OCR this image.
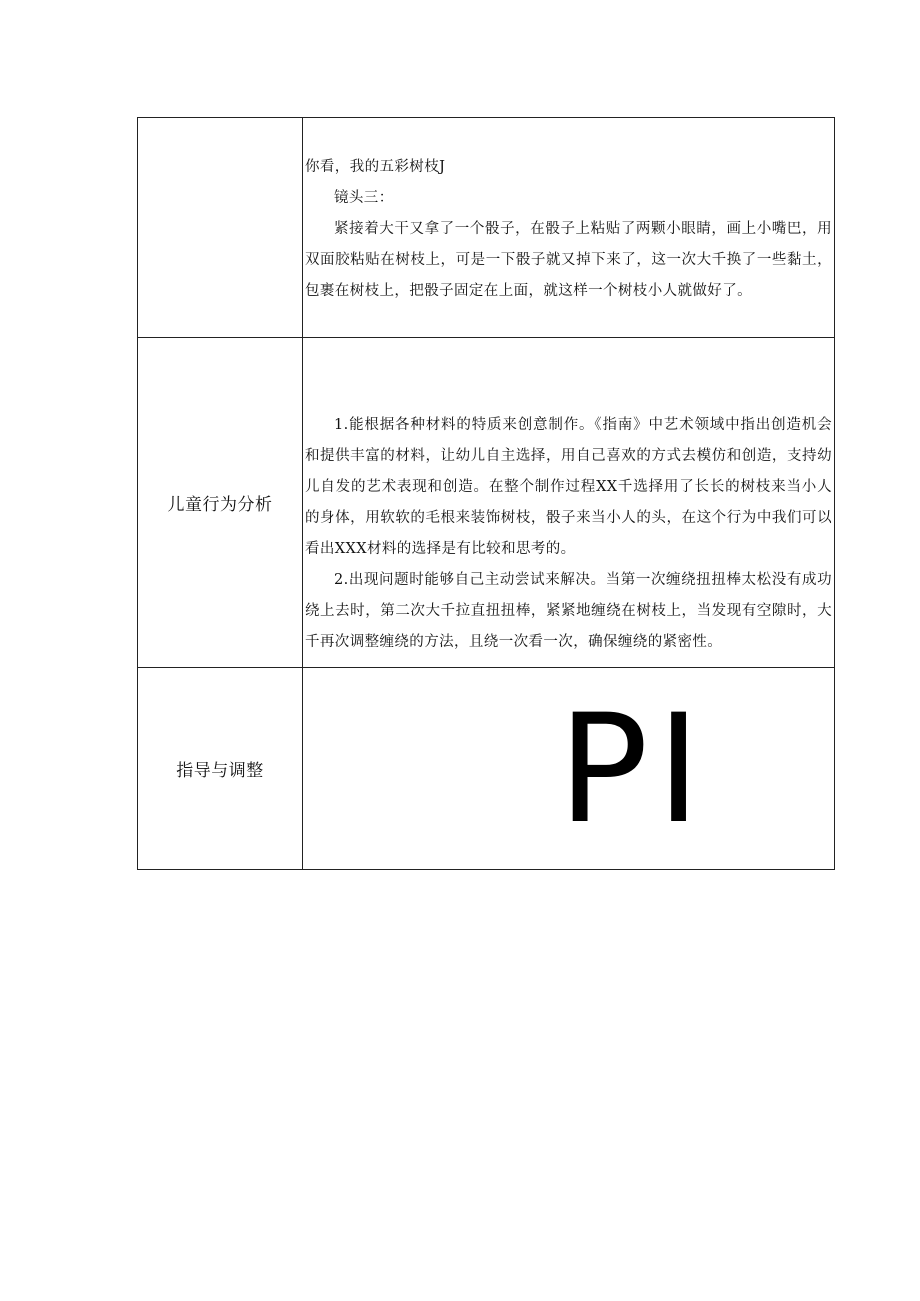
	你看，我的五彩树枝J

镜头三：

紧接着大干又拿了一个骰子，在骰子上粘贴了两颗小眼睛，画上小嘴巴，用双面胶粘贴在树枝上，可是一下骰子就又掉下来了，这一次大千换了一些黏土，包裹在树枝上，把骰子固定在上面，就这样一个树枝小人就做好了。

儿童行为分析	1.能根据各种材料的特质来创意制作。《指南》中艺术领域中指出创造机会和提供丰富的材料，让幼儿自主选择，用自己喜欢的方式去模仿和创造，支持幼儿自发的艺术表现和创造。在整个制作过程XX千选择用了长长的树枝来当小人的身体，用软软的毛根来装饰树枝，骰子来当小人的头，在这个行为中我们可以看出XXX材料的选择是有比较和思考的。

2.出现问题时能够自己主动尝试来解决。当第一次缠绕扭扭棒太松没有成功绕上去时，第二次大千拉直扭扭棒，紧紧地缠绕在树枝上，当发现有空隙时，大千再次调整缠绕的方法，且绕一次看一次，确保缠绕的紧密性。

指导与调整	PI
